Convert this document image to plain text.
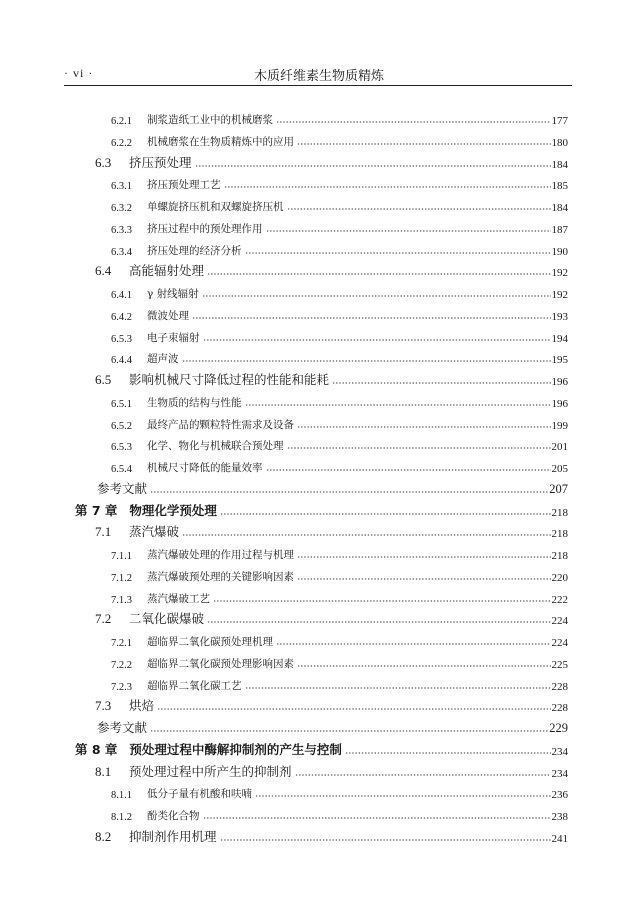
· vi ·	木质纤维素生物质精炼
6.2.1	制浆造纸工业中的机械磨浆	177
6.2.2	机械磨浆在生物质精炼中的应用	180
6.3	挤压预处理	184
6.3.1	挤压预处理工艺	185
6.3.2	单螺旋挤压机和双螺旋挤压机	184
6.3.3	挤压过程中的预处理作用	187
6.3.4	挤压处理的经济分析	190
6.4	高能辐射处理	192
6.4.1	γ 射线辐射	192
6.4.2	微波处理	193
6.5.3	电子束辐射	194
6.4.4	超声波	195
6.5	影响机械尺寸降低过程的性能和能耗	196
6.5.1	生物质的结构与性能	196
6.5.2	最终产品的颗粒特性需求及设备	199
6.5.3	化学、物化与机械联合预处理	201
6.5.4	机械尺寸降低的能量效率	205
参考文献	207
第 7 章 物理化学预处理	218
7.1	蒸汽爆破	218
7.1.1	蒸汽爆破处理的作用过程与机理	218
7.1.2	蒸汽爆破预处理的关键影响因素	220
7.1.3	蒸汽爆破工艺	222
7.2	二氧化碳爆破	224
7.2.1	超临界二氧化碳预处理机理	224
7.2.2	超临界二氧化碳预处理影响因素	225
7.2.3	超临界二氧化碳工艺	228
7.3	烘焙	228
参考文献	229
第 8 章 预处理过程中酶解抑制剂的产生与控制	234
8.1	预处理过程中所产生的抑制剂	234
8.1.1	低分子量有机酸和呋喃	236
8.1.2	酚类化合物	238
8.2	抑制剂作用机理	241
